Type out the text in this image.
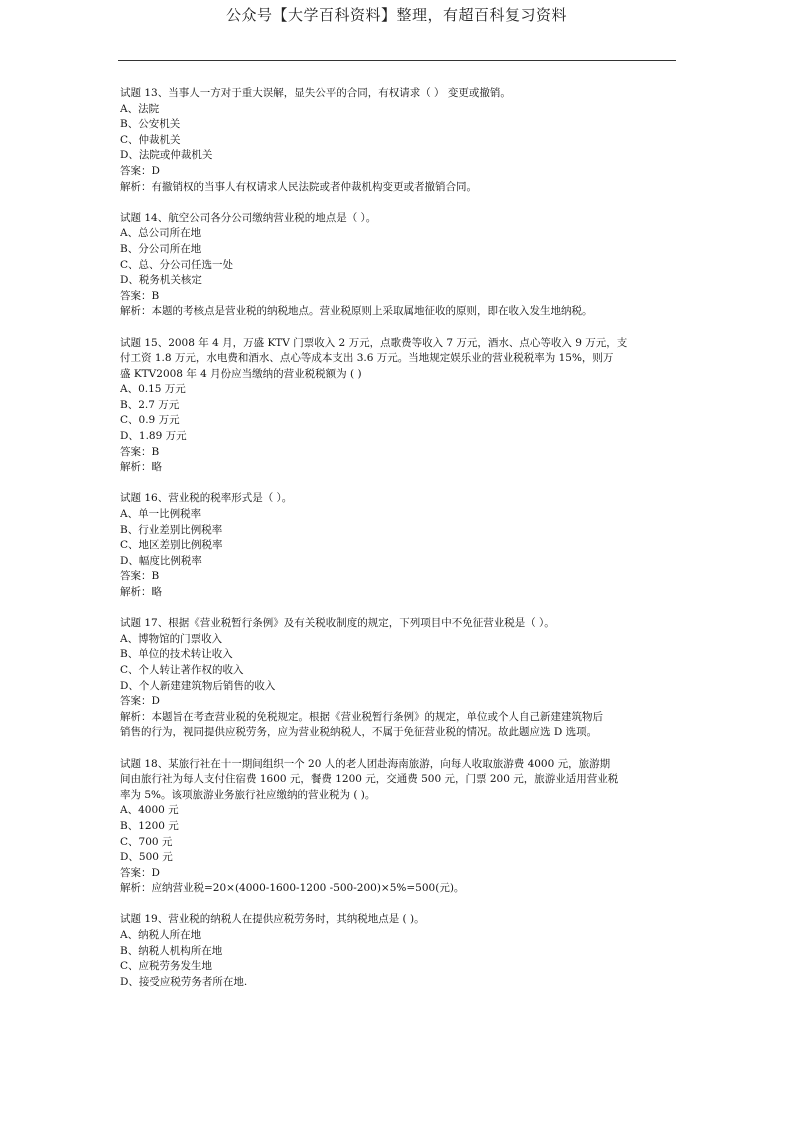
公众号【大学百科资料】整理，有超百科复习资料
试题 13、当事人一方对于重大误解，显失公平的合同，有权请求（ ） 变更或撤销。
A、法院
B、公安机关
C、仲裁机关
D、法院或仲裁机关
答案：D
解析：有撤销权的当事人有权请求人民法院或者仲裁机构变更或者撤销合同。
试题 14、航空公司各分公司缴纳营业税的地点是（ ）。
A、总公司所在地
B、分公司所在地
C、总、分公司任选一处
D、税务机关核定
答案：B
解析：本题的考核点是营业税的纳税地点。营业税原则上采取属地征收的原则，即在收入发生地纳税。
试题 15、2008 年 4 月，万盛 KTV 门票收入 2 万元，点歌费等收入 7 万元，酒水、点心等收入 9 万元，支
付工资 1.8 万元，水电费和酒水、点心等成本支出 3.6 万元。当地规定娱乐业的营业税税率为 15%，则万
盛 KTV2008 年 4 月份应当缴纳的营业税税额为 ( )
A、0.15 万元
B、2.7 万元
C、0.9 万元
D、1.89 万元
答案：B
解析：略
试题 16、营业税的税率形式是（ ）。
A、单一比例税率
B、行业差别比例税率
C、地区差别比例税率
D、幅度比例税率
答案：B
解析：略
试题 17、根据《营业税暂行条例》及有关税收制度的规定，下列项目中不免征营业税是（ ）。
A、博物馆的门票收入
B、单位的技术转让收入
C、个人转让著作权的收入
D、个人新建建筑物后销售的收入
答案：D
解析：本题旨在考查营业税的免税规定。根据《营业税暂行条例》的规定，单位或个人自己新建建筑物后
销售的行为，视同提供应税劳务，应为营业税纳税人，不属于免征营业税的情况。故此题应选 D 选项。
试题 18、某旅行社在十一期间组织一个 20 人的老人团赴海南旅游，向每人收取旅游费 4000 元，旅游期
间由旅行社为每人支付住宿费 1600 元，餐费 1200 元，交通费 500 元，门票 200 元，旅游业适用营业税
率为 5%。该项旅游业务旅行社应缴纳的营业税为 ( )。
A、4000 元
B、1200 元
C、700 元
D、500 元
答案：D
解析：应纳营业税=20×(4000-1600-1200 -500-200)×5%=500(元)。
试题 19、营业税的纳税人在提供应税劳务时，其纳税地点是 ( )。
A、纳税人所在地
B、纳税人机构所在地
C、应税劳务发生地
D、接受应税劳务者所在地.
